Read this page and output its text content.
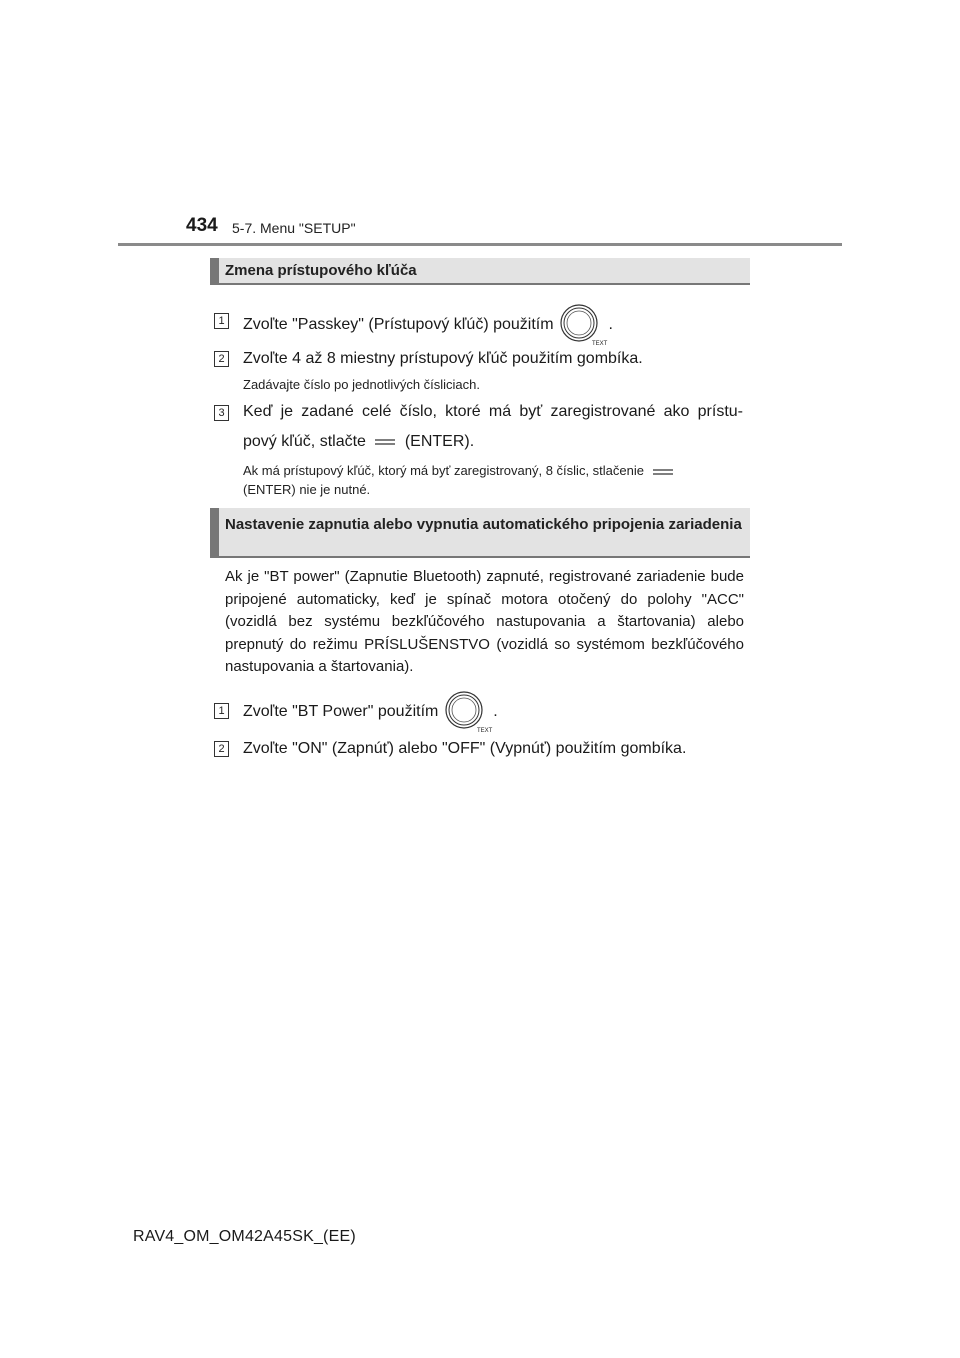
434 5-7. Menu "SETUP"
Zmena prístupového kľúča
1 Zvoľte "Passkey" (Prístupový kľúč) použitím
TEXT
.
2 Zvoľte 4 až 8 miestny prístupový kľúč použitím gombíka.
Zadávajte číslo po jednotlivých čísliciach.
3 Keď je zadané celé číslo, ktoré má byť zaregistrované ako prístu-
pový kľúč, stlačte (ENTER).
Ak má prístupový kľúč, ktorý má byť zaregistrovaný, 8 číslic, stlačenie
(ENTER) nie je nutné.
Nastavenie zapnutia alebo vypnutia automatického pripojenia zariadenia
Ak je "BT power" (Zapnutie Bluetooth) zapnuté, registrované zariadenie bude pripojené automaticky, keď je spínač motora otočený do polohy "ACC" (vozidlá bez systému bezkľúčového nastupovania a štartovania) alebo prepnutý do režimu PRÍSLUŠENSTVO (vozidlá so systémom bezkľúčového nastupovania a štartovania).
1 Zvoľte "BT Power" použitím
TEXT
.
2 Zvoľte "ON" (Zapnúť) alebo "OFF" (Vypnúť) použitím gombíka.
RAV4_OM_OM42A45SK_(EE)
